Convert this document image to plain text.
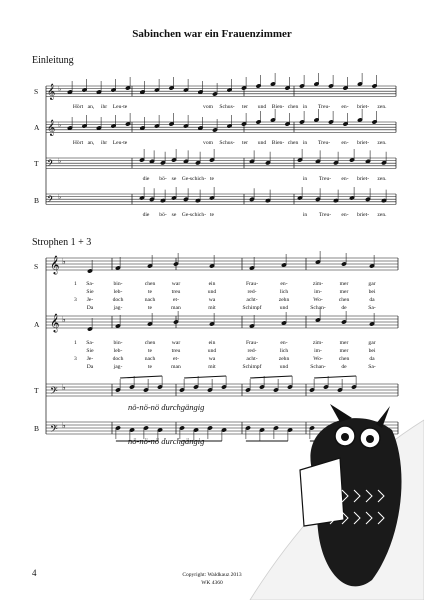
Sabinchen war ein Frauenzimmer
Einleitung
Strophen 1 + 3
S
A
T
B
S
A
T
B
𝄞 ♭
𝄞 ♭
𝄢 ♭
𝄢 ♭
𝄞 ♭
𝄞 ♭
𝄢 ♭
𝄢 ♭
Hört an, ihr Leu-te	vom Schus- ter und Bien- chen in Treu- en- briet- zen.
Hört an, ihr Leu-te	vom Schus- ter und Bien- chen in Treu- en- briet- zen.
die bö- se Ge- schich- te	in Treu- en- briet- zen.
die bö- se Ge- schich- te	in Treu- en- briet- zen.
1
3
Sa-	bin-	chen	war	ein	Frau-	en-	zim-	mer	gar
Sie	leb-	te	treu	und	red-	lich	im-	mer	bei
Je-	doch	nach	et-	wa	acht-	zehn	Wo-	chen	da
Da	jag-	te	man	mit	Schimpf	und	Schan-	de	Sa-
1
3
Sa-	bin-	chen	war	ein	Frau-	en-	zim-	mer	gar
Sie	leb-	te	treu	und	red-	lich	im-	mer	bei
Je-	doch	nach	et-	wa	acht-	zehn	Wo-	chen	da
Da	jag-	te	man	mit	Schimpf	und	Schan-	de	Sa-
nö-nö-nö durchgängig
nö-nö-nö durchgängig
4	Copyright: Waldkauz 2013
WK 4360
